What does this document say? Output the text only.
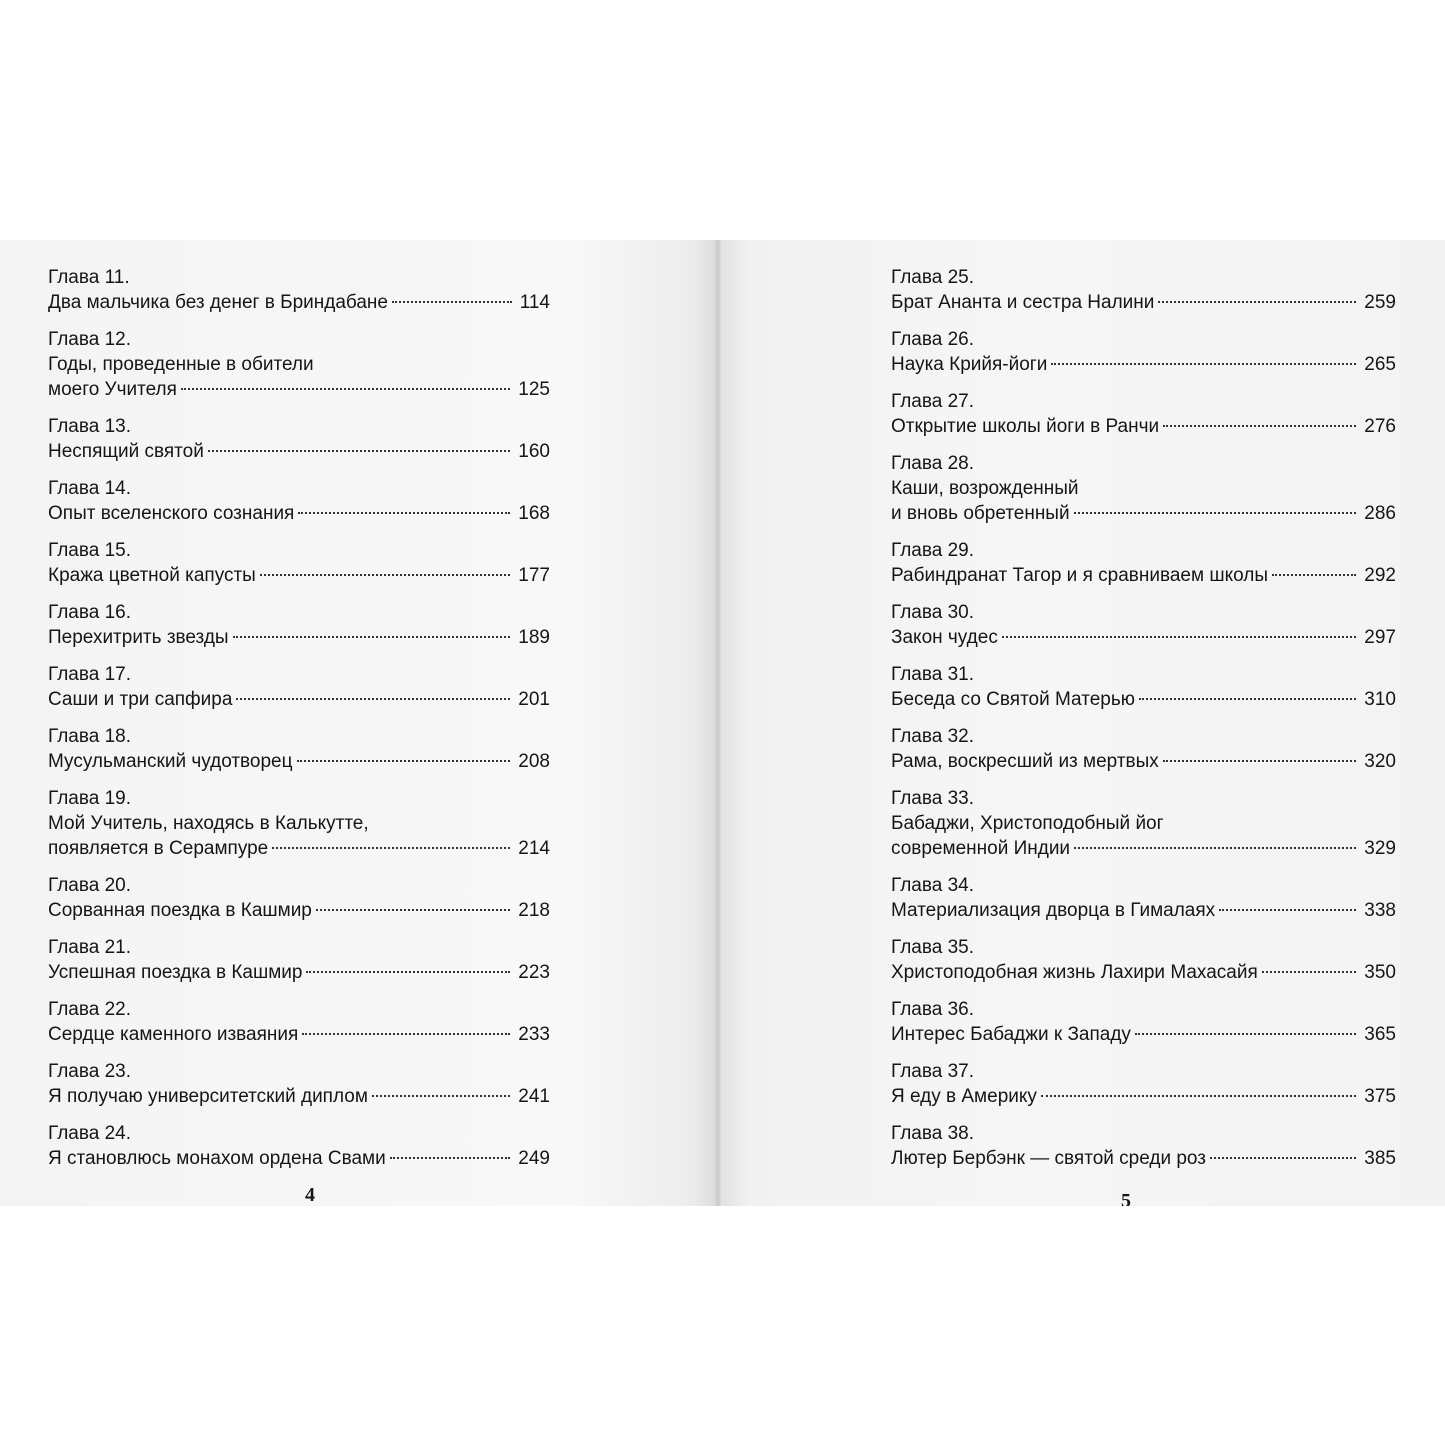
Глава 11.
Два мальчика без денег в Бриндабане	114
Глава 12.
Годы, проведенные в обители
моего Учителя	125
Глава 13.
Неспящий святой	160
Глава 14.
Опыт вселенского сознания	168
Глава 15.
Кража цветной капусты	177
Глава 16.
Перехитрить звезды	189
Глава 17.
Саши и три сапфира	201
Глава 18.
Мусульманский чудотворец	208
Глава 19.
Мой Учитель, находясь в Калькутте,
появляется в Серампуре	214
Глава 20.
Сорванная поездка в Кашмир	218
Глава 21.
Успешная поездка в Кашмир	223
Глава 22.
Сердце каменного изваяния	233
Глава 23.
Я получаю университетский диплом	241
Глава 24.
Я становлюсь монахом ордена Свами	249
4
Глава 25.
Брат Ананта и сестра Налини	259
Глава 26.
Наука Крийя-йоги	265
Глава 27.
Открытие школы йоги в Ранчи	276
Глава 28.
Каши, возрожденный
и вновь обретенный	286
Глава 29.
Рабиндранат Тагор и я сравниваем школы	292
Глава 30.
Закон чудес	297
Глава 31.
Беседа со Святой Матерью	310
Глава 32.
Рама, воскресший из мертвых	320
Глава 33.
Бабаджи, Христоподобный йог
современной Индии	329
Глава 34.
Материализация дворца в Гималаях	338
Глава 35.
Христоподобная жизнь Лахири Махасайя	350
Глава 36.
Интерес Бабаджи к Западу	365
Глава 37.
Я еду в Америку	375
Глава 38.
Лютер Бербэнк — святой среди роз	385
5
